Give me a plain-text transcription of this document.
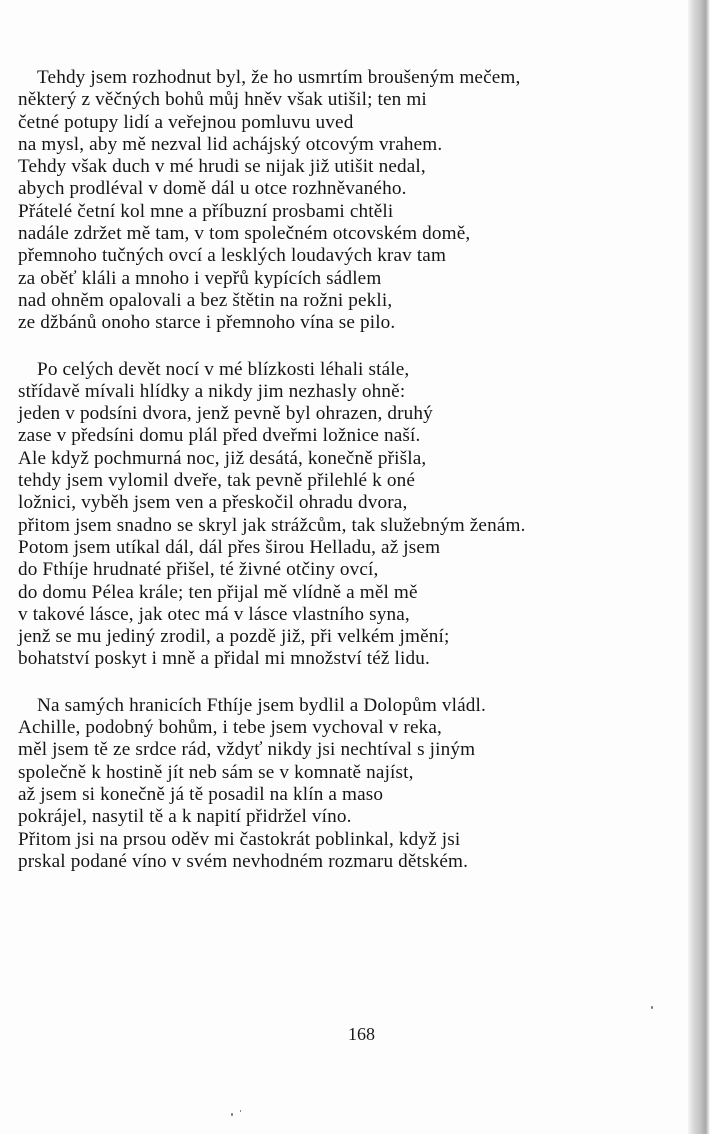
Tehdy jsem rozhodnut byl, že ho usmrtím broušeným mečem,
některý z věčných bohů můj hněv však utišil; ten mi
četné potupy lidí a veřejnou pomluvu uved
na mysl, aby mě nezval lid achájský otcovým vrahem.
Tehdy však duch v mé hrudi se nijak již utišit nedal,
abych prodléval v domě dál u otce rozhněvaného.
Přátelé četní kol mne a příbuzní prosbami chtěli
nadále zdržet mě tam, v tom společném otcovském domě,
přemnoho tučných ovcí a lesklých loudavých krav tam
za oběť kláli a mnoho i vepřů kypících sádlem
nad ohněm opalovali a bez štětin na rožni pekli,
ze džbánů onoho starce i přemnoho vína se pilo.
Po celých devět nocí v mé blízkosti léhali stále,
střídavě mívali hlídky a nikdy jim nezhasly ohně:
jeden v podsíni dvora, jenž pevně byl ohrazen, druhý
zase v předsíni domu plál před dveřmi ložnice naší.
Ale když pochmurná noc, již desátá, konečně přišla,
tehdy jsem vylomil dveře, tak pevně přilehlé k oné
ložnici, vyběh jsem ven a přeskočil ohradu dvora,
přitom jsem snadno se skryl jak strážcům, tak služebným ženám.
Potom jsem utíkal dál, dál přes širou Helladu, až jsem
do Fthíje hrudnaté přišel, té živné otčiny ovcí,
do domu Pélea krále; ten přijal mě vlídně a měl mě
v takové lásce, jak otec má v lásce vlastního syna,
jenž se mu jediný zrodil, a pozdě již, při velkém jmění;
bohatství poskyt i mně a přidal mi množství též lidu.
Na samých hranicích Fthíje jsem bydlil a Dolopům vládl.
Achille, podobný bohům, i tebe jsem vychoval v reka,
měl jsem tě ze srdce rád, vždyť nikdy jsi nechtíval s jiným
společně k hostině jít neb sám se v komnatě najíst,
až jsem si konečně já tě posadil na klín a maso
pokrájel, nasytil tě a k napití přidržel víno.
Přitom jsi na prsou oděv mi častokrát poblinkal, když jsi
prskal podané víno v svém nevhodném rozmaru dětském.
168
